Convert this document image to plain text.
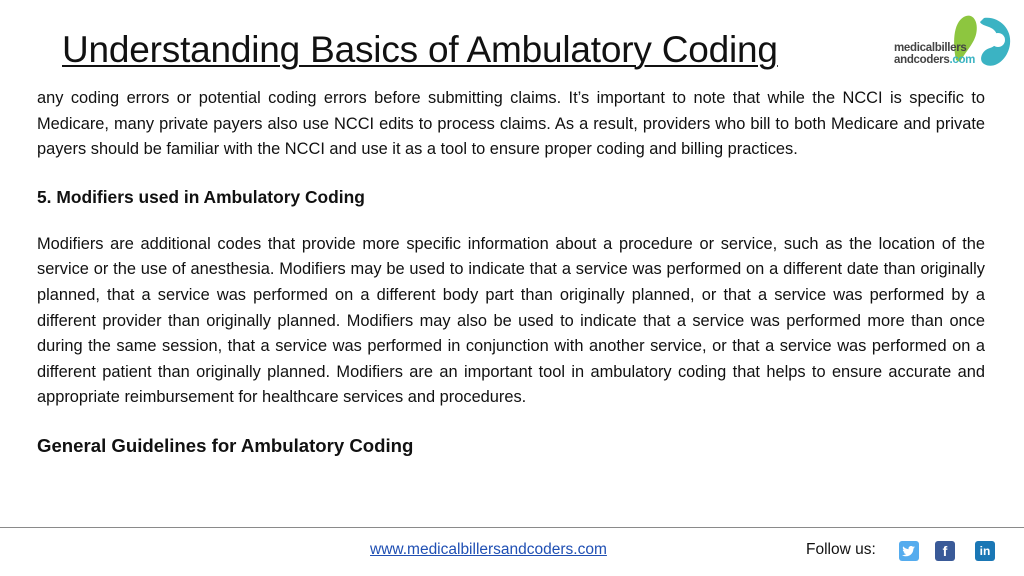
Understanding Basics of Ambulatory Coding	medicalbillers
andcoders.com

any coding errors or potential coding errors before submitting claims. It’s important to note that while the NCCI is specific to Medicare, many private payers also use NCCI edits to process claims. As a result, providers who bill to both Medicare and private payers should be familiar with the NCCI and use it as a tool to ensure proper coding and billing practices.

5. Modifiers used in Ambulatory Coding

Modifiers are additional codes that provide more specific information about a procedure or service, such as the location of the service or the use of anesthesia. Modifiers may be used to indicate that a service was performed on a different date than originally planned, that a service was performed on a different body part than originally planned, or that a service was performed by a different provider than originally planned. Modifiers may also be used to indicate that a service was performed more than once during the same session, that a service was performed in conjunction with another service, or that a service was performed on a different patient than originally planned. Modifiers are an important tool in ambulatory coding that helps to ensure accurate and appropriate reimbursement for healthcare services and procedures.

General Guidelines for Ambulatory Coding
www.medicalbillersandcoders.com	Follow us:	f	in
